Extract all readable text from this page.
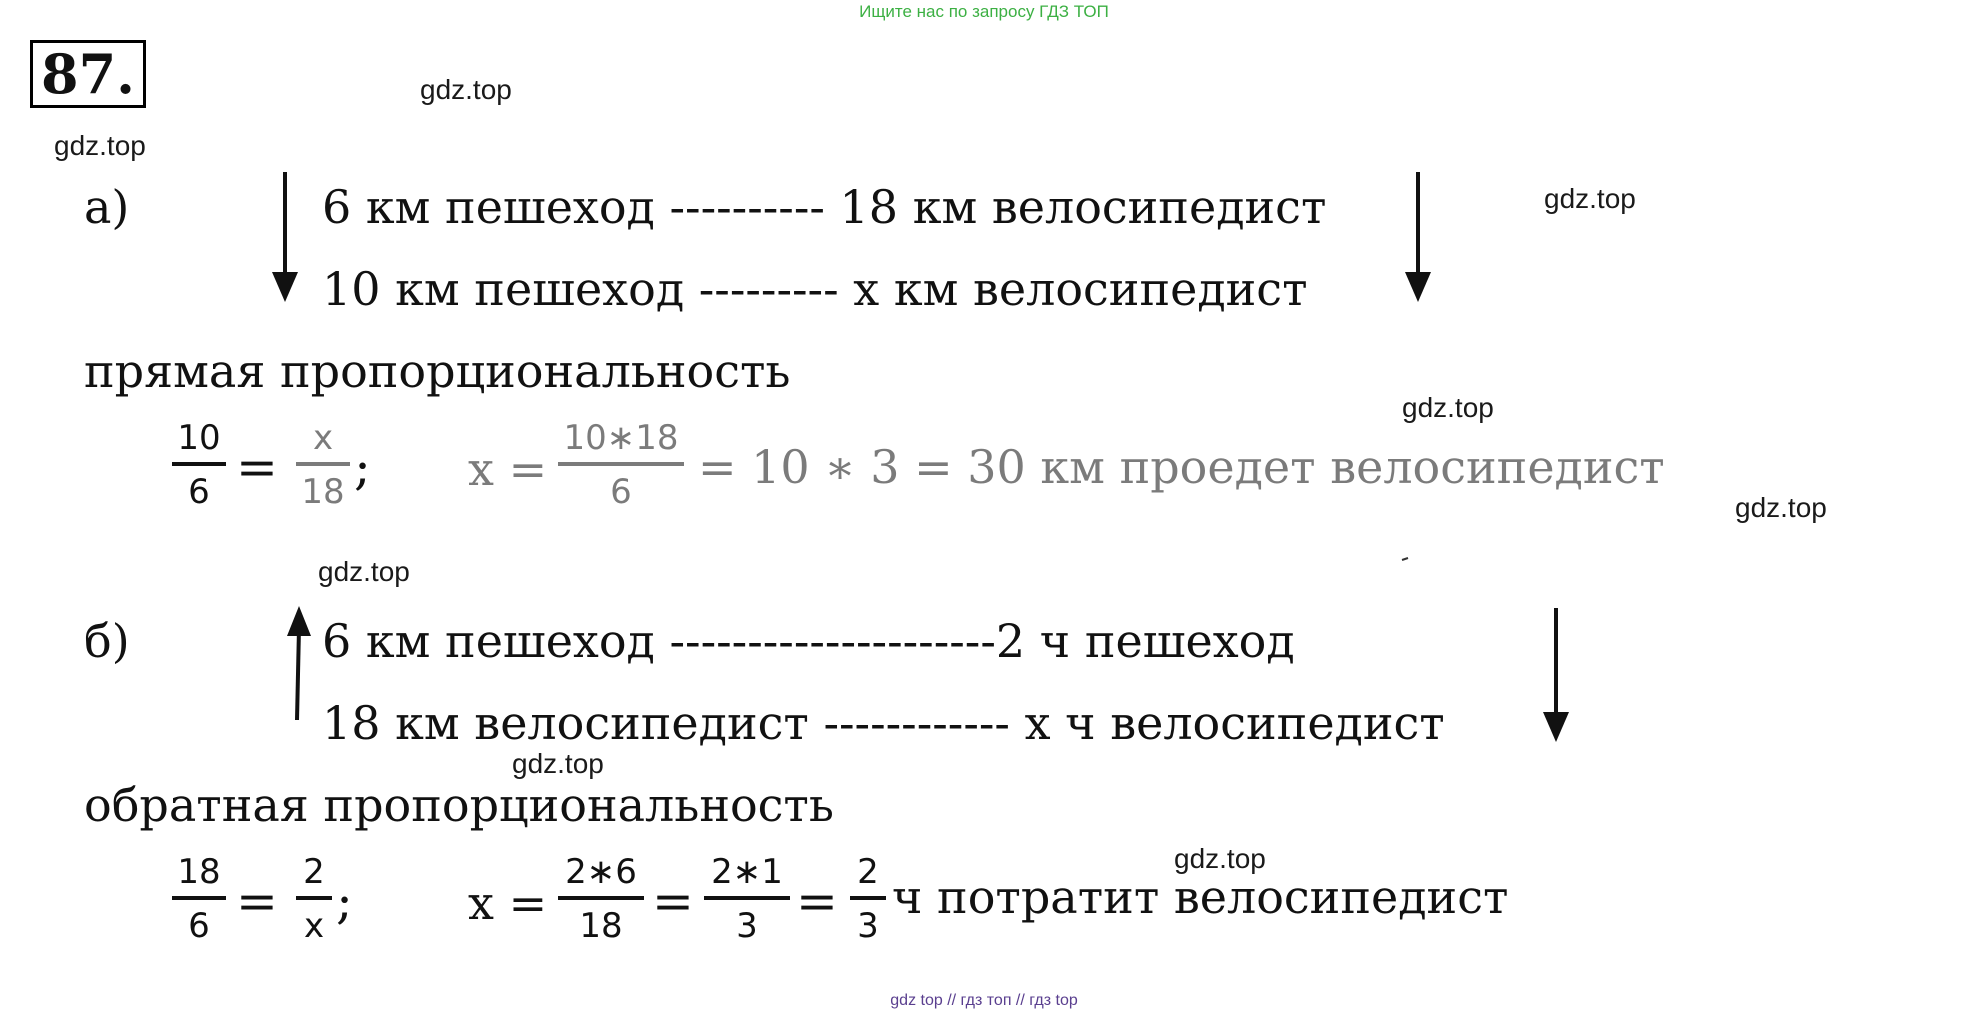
Ищите нас по запросу ГДЗ ТОП
87.	gdz.top
gdz.top
gdz.top
gdz.top
gdz.top
gdz.top
gdz.top
gdz.top
а)	6 км пешеход ---------- 18 км велосипедист
10 км пешеход --------- х км велосипедист
прямая пропорциональность
10
6 =	х
18 ; х =
10∗18
6	= 10 ∗ 3 = 30 км проедет велосипедист
б)	6 км пешеход ---------------------2 ч пешеход
18 км велосипедист ------------ х ч велосипедист
обратная пропорциональность
18
6 = 2
х ;	х =
2∗6
18 = 2∗1
3 = 2
3
ч потратит велосипедист
gdz top // гдз топ // гдз top
